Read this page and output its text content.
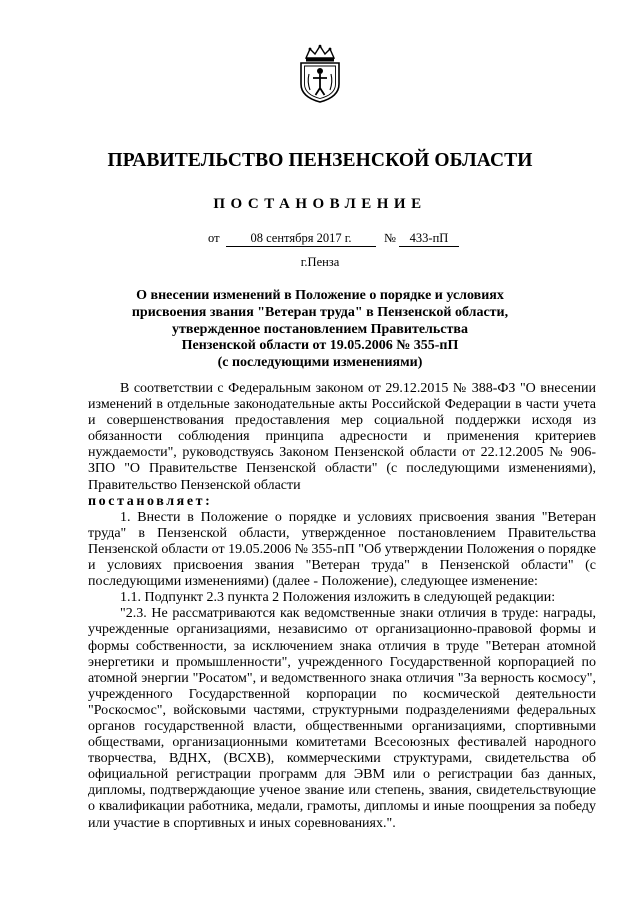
ПРАВИТЕЛЬСТВО ПЕНЗЕНСКОЙ ОБЛАСТИ
ПОСТАНОВЛЕНИЕ
от	08 сентября 2017 г.	№	433-пП
г.Пенза
О внесении изменений в Положение о порядке и условиях
присвоения звания "Ветеран труда" в Пензенской области,
утвержденное постановлением Правительства
Пензенской области от 19.05.2006 № 355-пП
(с последующими изменениями)

В соответствии с Федеральным законом от 29.12.2015 № 388-ФЗ "О внесении изменений в отдельные законодательные акты Российской Федерации в части учета и совершенствования предоставления мер социальной поддержки исходя из обязанности соблюдения принципа адресности и применения критериев нуждаемости", руководствуясь Законом Пензенской области от 22.12.2005 № 906-ЗПО "О Правительстве Пензенской области" (с последующими изменениями), Правительство Пензенской области

постановляет:

1. Внести в Положение о порядке и условиях присвоения звания "Ветеран труда" в Пензенской области, утвержденное постановлением Правительства Пензенской области от 19.05.2006 № 355-пП "Об утверждении Положения о порядке и условиях присвоения звания "Ветеран труда" в Пензенской области" (с последующими изменениями) (далее - Положение), следующее изменение:

1.1. Подпункт 2.3 пункта 2 Положения изложить в следующей редакции:

"2.3. Не рассматриваются как ведомственные знаки отличия в труде: награды, учрежденные организациями, независимо от организационно-правовой формы и формы собственности, за исключением знака отличия в труде "Ветеран атомной энергетики и промышленности", учрежденного Государственной корпорацией по атомной энергии "Росатом", и ведомственного знака отличия "За верность космосу", учрежденного Государственной корпорации по космической деятельности "Роскосмос", войсковыми частями, структурными подразделениями федеральных органов государственной власти, общественными организациями, спортивными обществами, организационными комитетами Всесоюзных фестивалей народного творчества, ВДНХ, (ВСХВ), коммерческими структурами, свидетельства об официальной регистрации программ для ЭВМ или о регистрации баз данных, дипломы, подтверждающие ученое звание или степень, звания, свидетельствующие о квалификации работника, медали, грамоты, дипломы и иные поощрения за победу или участие в спортивных и иных соревнованиях.".
